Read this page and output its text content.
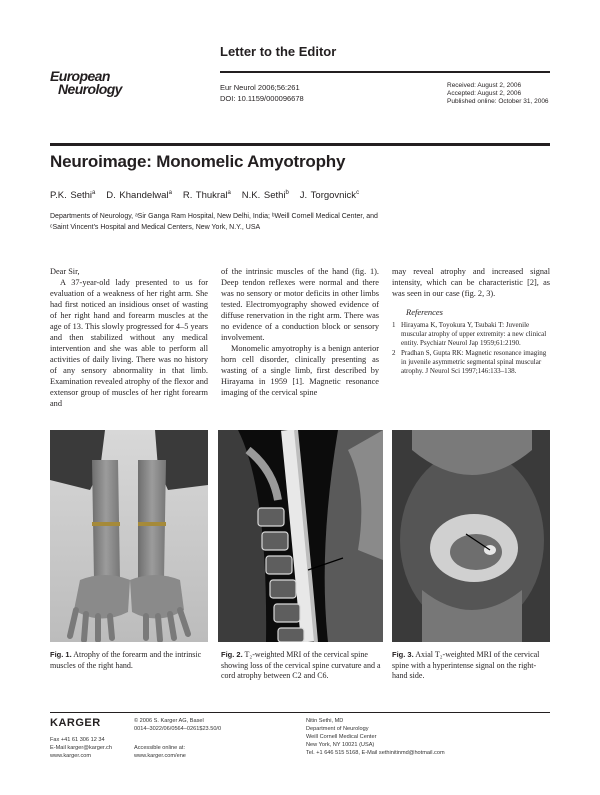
European
Neurology
Letter to the Editor
Eur Neurol 2006;56:261
DOI: 10.1159/000096678
Received: August 2, 2006
Accepted: August 2, 2006
Published online: October 31, 2006
Neuroimage: Monomelic Amyotrophy
P.K. Sethi$^a$ D. Khandelwal$^a$ R. Thukral$^a$ N.K. Sethi$^b$ J. Torgovnick$^c$
Departments of Neurology, ᵃSir Ganga Ram Hospital, New Delhi, India; ᵇWeill Cornell Medical Center, and
ᶜSaint Vincent's Hospital and Medical Centers, New York, N.Y., USA

Dear Sir,

A 37-year-old lady presented to us for evaluation of a weakness of her right arm. She had first noticed an insidious onset of wasting of her right hand and forearm muscles at the age of 13. This slowly progressed for 4–5 years and then stabilized without any medical intervention and she was able to perform all activities of daily living. There was no history of any sensory abnormality in that limb. Examination revealed atrophy of the flexor and extensor group of muscles of her right forearm and

of the intrinsic muscles of the hand (fig. 1). Deep tendon reflexes were normal and there was no sensory or motor deficits in other limbs tested. Electromyography showed evidence of diffuse renervation in the right arm. There was no evidence of a conduction block or sensory involvement.

Monomelic amyotrophy is a benign anterior horn cell disorder, clinically presenting as wasting of a single limb, first described by Hirayama in 1959 [1]. Magnetic resonance imaging of the cervical spine

may reveal atrophy and increased signal intensity, which can be characteristic [2], as was seen in our case (fig. 2, 3).

References
1 Hirayama K, Toyokura Y, Tsubaki T: Juvenile muscular atrophy of upper extremity: a new clinical entity. Psychiatr Neurol Jap 1959;61:2190.
2 Pradhan S, Gupta RK: Magnetic resonance imaging in juvenile asymmetric segmental spinal muscular atrophy. J Neurol Sci 1997;146:133–138.
Fig. 1. Atrophy of the forearm and the intrinsic muscles of the right hand.
Fig. 2. T₂-weighted MRI of the cervical spine showing loss of the cervical spine curvature and a cord atrophy between C2 and C6.
Fig. 3. Axial T₂-weighted MRI of the cervical spine with a hyperintense signal on the right-hand side.
KARGER
Fax +41 61 306 12 34
E-Mail karger@karger.ch
www.karger.com
© 2006 S. Karger AG, Basel
0014–3022/06/0564–0261$23.50/0
Accessible online at:
www.karger.com/ene
Nitin Sethi, MD
Department of Neurology
Weill Cornell Medical Center
New York, NY 10021 (USA)
Tel. +1 646 515 5168, E-Mail sethinitinmd@hotmail.com
